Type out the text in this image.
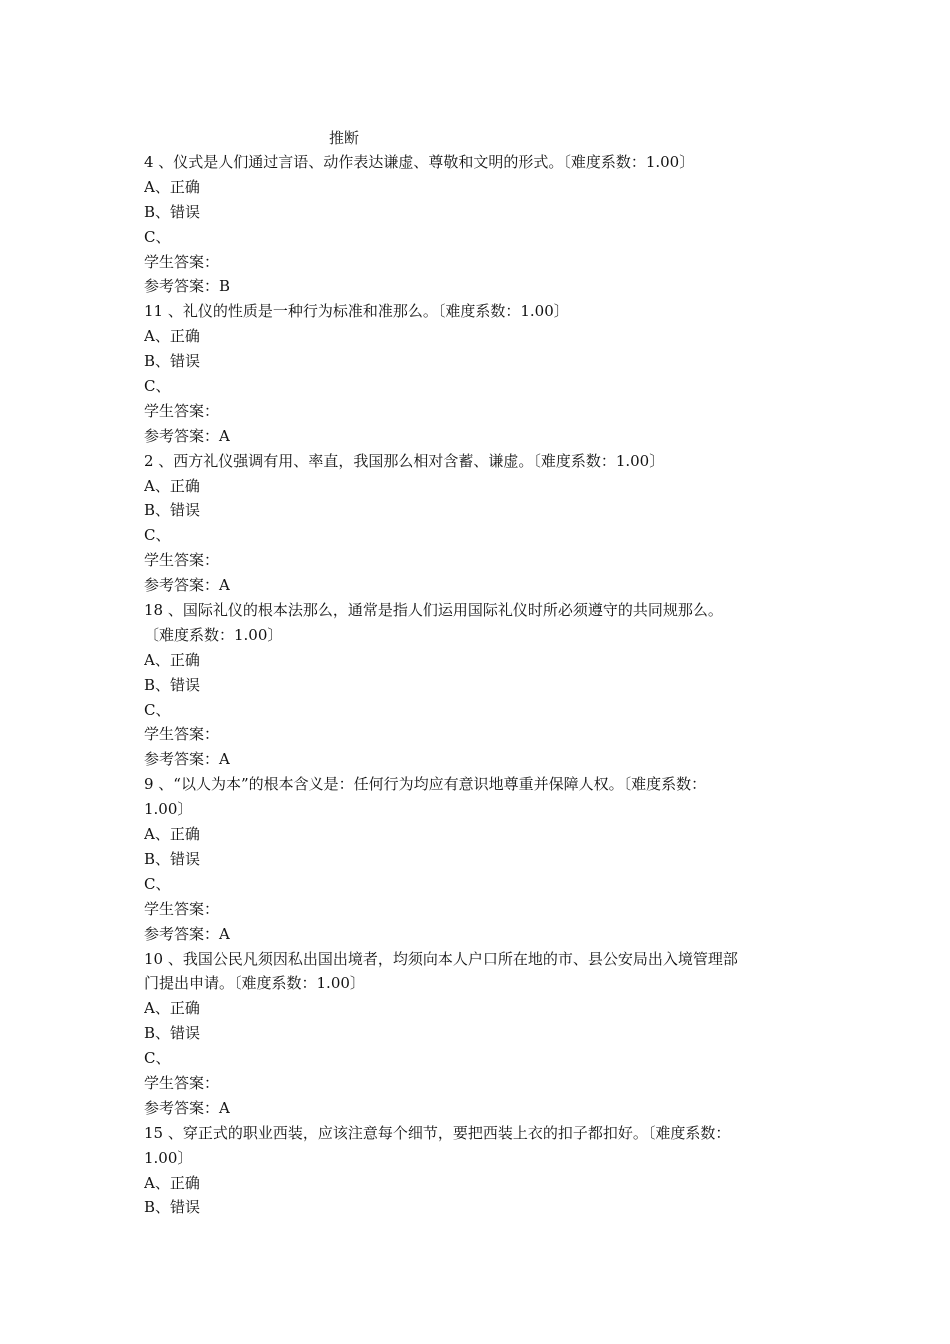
推断
4 、仪式是人们通过言语、动作表达谦虚、尊敬和文明的形式。〔难度系数：1.00〕
A、正确
B、错误
C、
学生答案：
参考答案：B
11 、礼仪的性质是一种行为标准和准那么。〔难度系数：1.00〕
A、正确
B、错误
C、
学生答案：
参考答案：A
2 、西方礼仪强调有用、率直，我国那么相对含蓄、谦虚。〔难度系数：1.00〕
A、正确
B、错误
C、
学生答案：
参考答案：A
18 、国际礼仪的根本法那么，通常是指人们运用国际礼仪时所必须遵守的共同规那么。
〔难度系数：1.00〕
A、正确
B、错误
C、
学生答案：
参考答案：A
9 、“以人为本”的根本含义是：任何行为均应有意识地尊重并保障人权。〔难度系数：
1.00〕
A、正确
B、错误
C、
学生答案：
参考答案：A
10 、我国公民凡须因私出国出境者，均须向本人户口所在地的市、县公安局出入境管理部
门提出申请。〔难度系数：1.00〕
A、正确
B、错误
C、
学生答案：
参考答案：A
15 、穿正式的职业西装，应该注意每个细节，要把西装上衣的扣子都扣好。〔难度系数：
1.00〕
A、正确
B、错误
